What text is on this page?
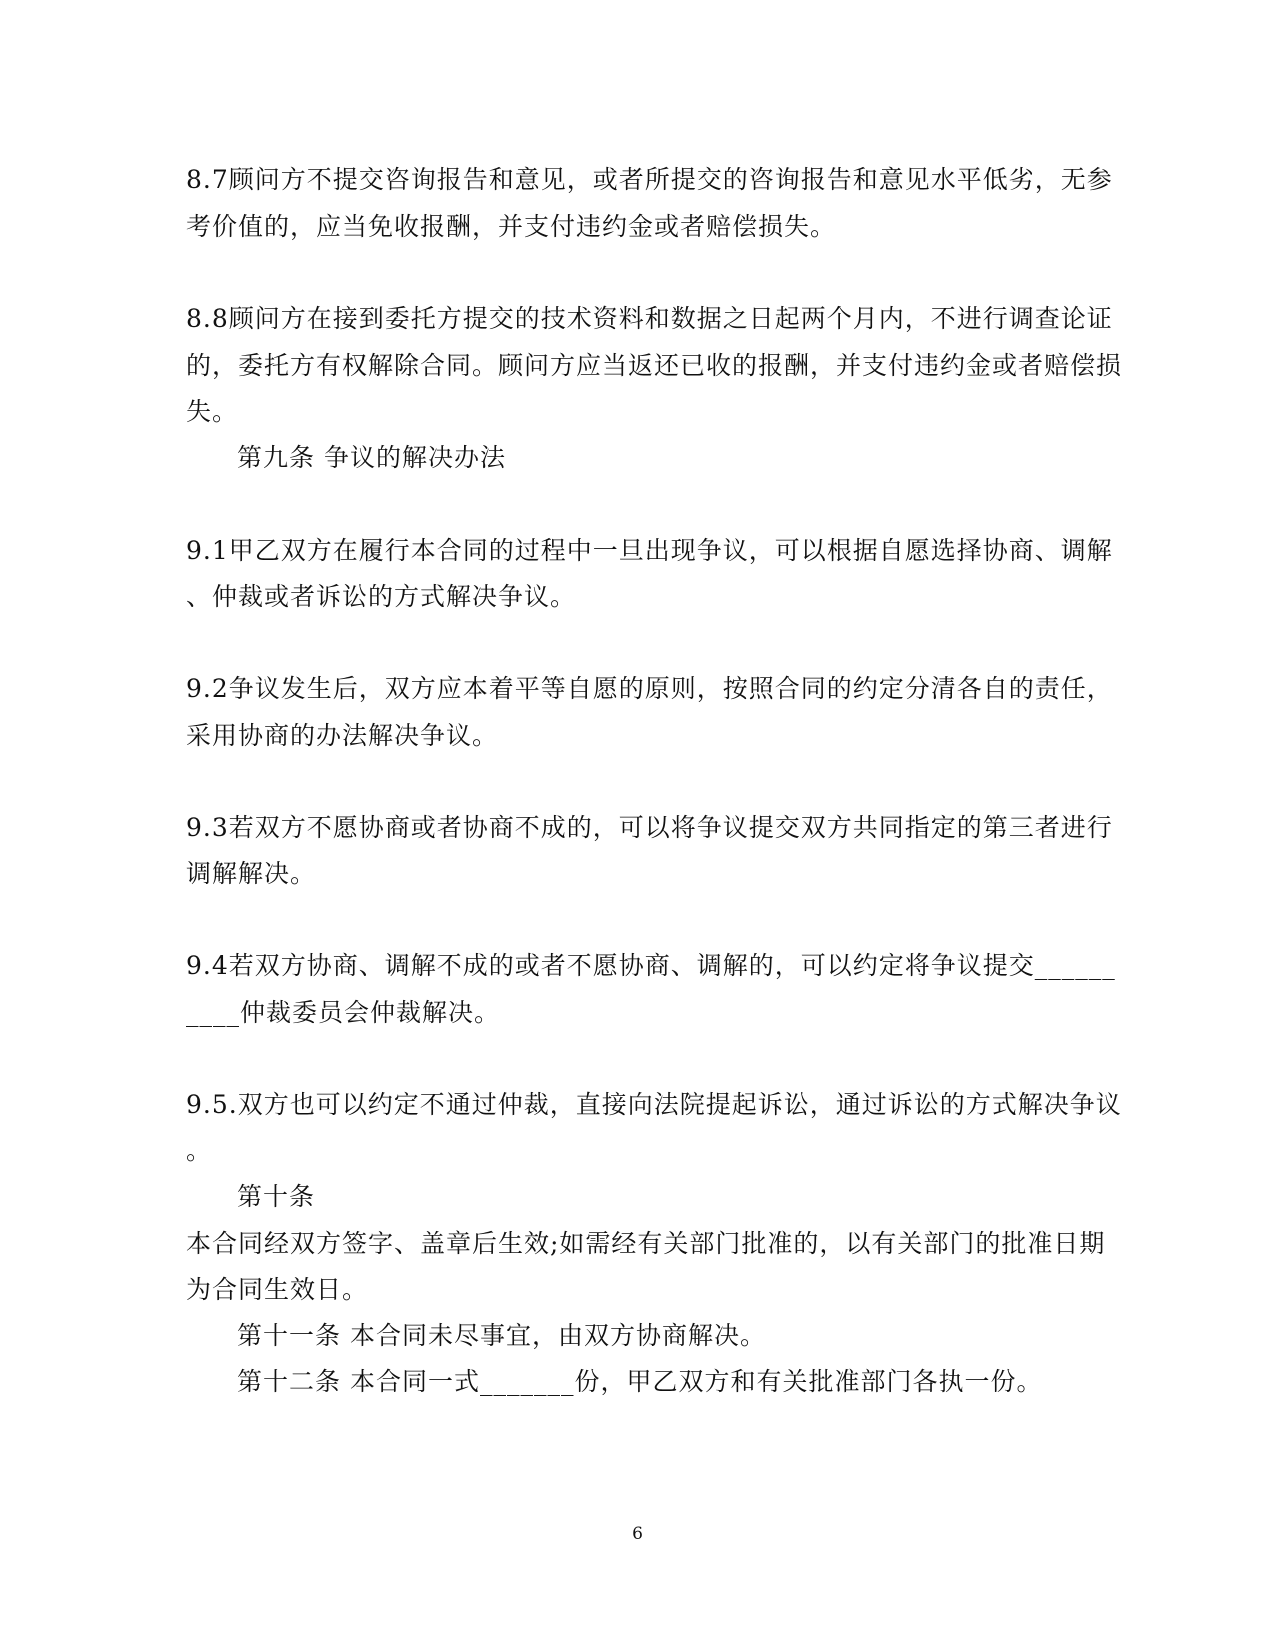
8.7顾问方不提交咨询报告和意见，或者所提交的咨询报告和意见水平低劣，无参
考价值的，应当免收报酬，并支付违约金或者赔偿损失。
8.8顾问方在接到委托方提交的技术资料和数据之日起两个月内，不进行调查论证
的，委托方有权解除合同。顾问方应当返还已收的报酬，并支付违约金或者赔偿损
失。
第九条 争议的解决办法
9.1甲乙双方在履行本合同的过程中一旦出现争议，可以根据自愿选择协商、调解
、仲裁或者诉讼的方式解决争议。
9.2争议发生后，双方应本着平等自愿的原则，按照合同的约定分清各自的责任，
采用协商的办法解决争议。
9.3若双方不愿协商或者协商不成的，可以将争议提交双方共同指定的第三者进行
调解解决。
9.4若双方协商、调解不成的或者不愿协商、调解的，可以约定将争议提交______
____仲裁委员会仲裁解决。
9.5.双方也可以约定不通过仲裁，直接向法院提起诉讼，通过诉讼的方式解决争议
。
第十条
本合同经双方签字、盖章后生效;如需经有关部门批准的，以有关部门的批准日期
为合同生效日。
第十一条 本合同未尽事宜，由双方协商解决。
第十二条 本合同一式_______份，甲乙双方和有关批准部门各执一份。
6
